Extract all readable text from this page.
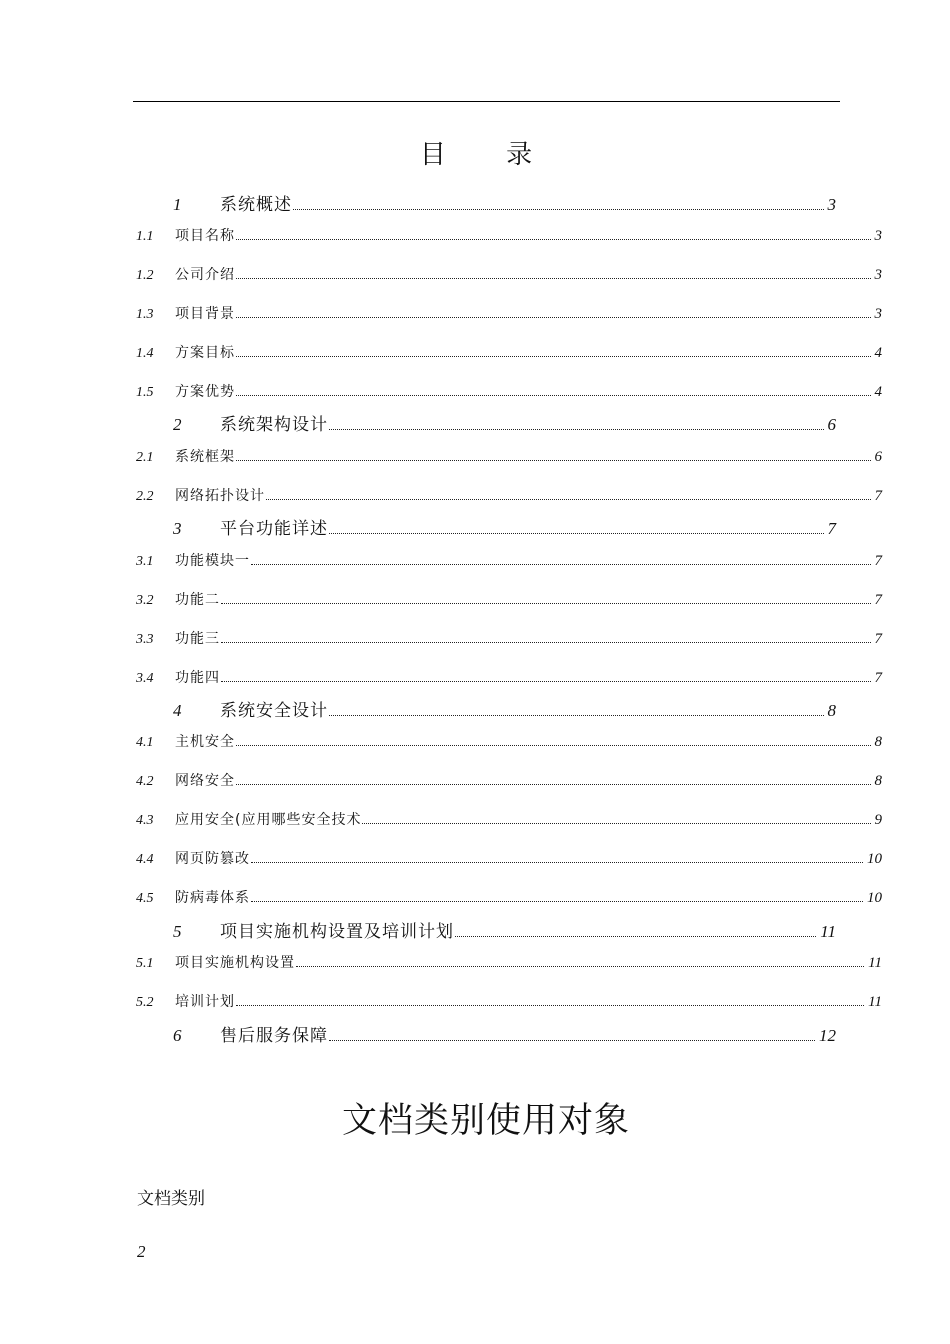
目 录
1	系统概述	3
1.1	项目名称	3
1.2	公司介绍	3
1.3	项目背景	3
1.4	方案目标	4
1.5	方案优势	4
2	系统架构设计	6
2.1	系统框架	6
2.2	网络拓扑设计	7
3	平台功能详述	7
3.1	功能模块一	7
3.2	功能二	7
3.3	功能三	7
3.4	功能四	7
4	系统安全设计	8
4.1	主机安全	8
4.2	网络安全	8
4.3	应用安全(应用哪些安全技术	9
4.4	网页防篡改	10
4.5	防病毒体系	10
5	项目实施机构设置及培训计划	11
5.1	项目实施机构设置	11
5.2	培训计划	11
6	售后服务保障	12
文档类别使用对象
文档类别
2
